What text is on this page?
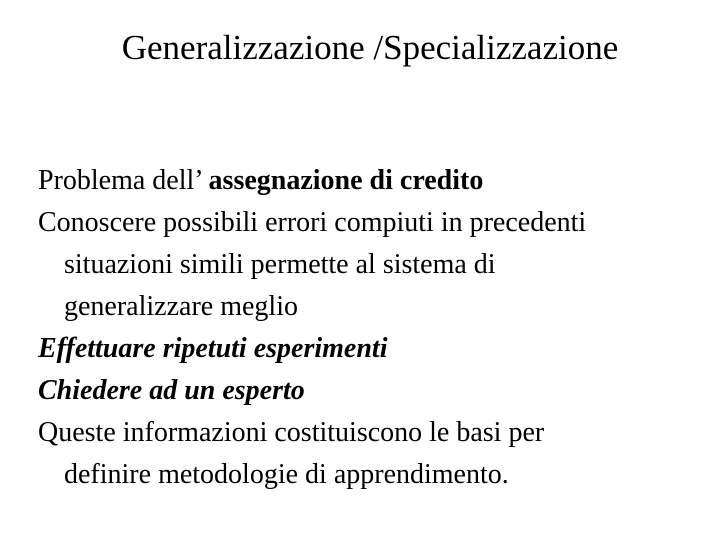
Generalizzazione /Specializzazione

Problema dell’ assegnazione di credito

Conoscere possibili errori compiuti in precedenti
situazioni simili permette al sistema di
generalizzare meglio

Effettuare ripetuti esperimenti

Chiedere ad un esperto

Queste informazioni costituiscono le basi per
definire metodologie di apprendimento.
